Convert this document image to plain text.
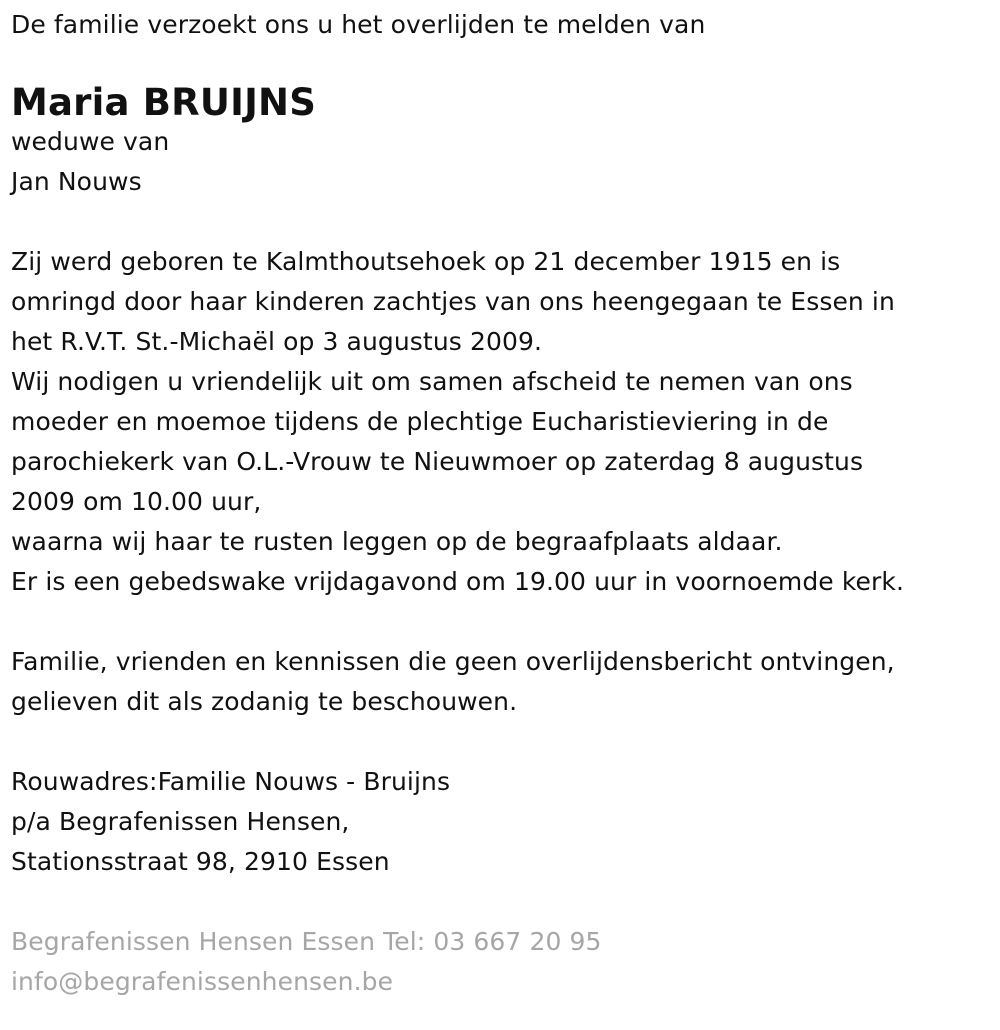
De familie verzoekt ons u het overlijden te melden van
Maria BRUIJNS
weduwe van
Jan Nouws
Zij werd geboren te Kalmthoutsehoek op 21 december 1915 en is
omringd door haar kinderen zachtjes van ons heengegaan te Essen in
het R.V.T. St.-Michaël op 3 augustus 2009.
Wij nodigen u vriendelijk uit om samen afscheid te nemen van ons
moeder en moemoe tijdens de plechtige Eucharistieviering in de
parochiekerk van O.L.-Vrouw te Nieuwmoer op zaterdag 8 augustus
2009 om 10.00 uur,
waarna wij haar te rusten leggen op de begraafplaats aldaar.
Er is een gebedswake vrijdagavond om 19.00 uur in voornoemde kerk.
Familie, vrienden en kennissen die geen overlijdensbericht ontvingen,
gelieven dit als zodanig te beschouwen.
Rouwadres:Familie Nouws - Bruijns
p/a Begrafenissen Hensen,
Stationsstraat 98, 2910 Essen
Begrafenissen Hensen Essen Tel: 03 667 20 95
info@begrafenissenhensen.be
